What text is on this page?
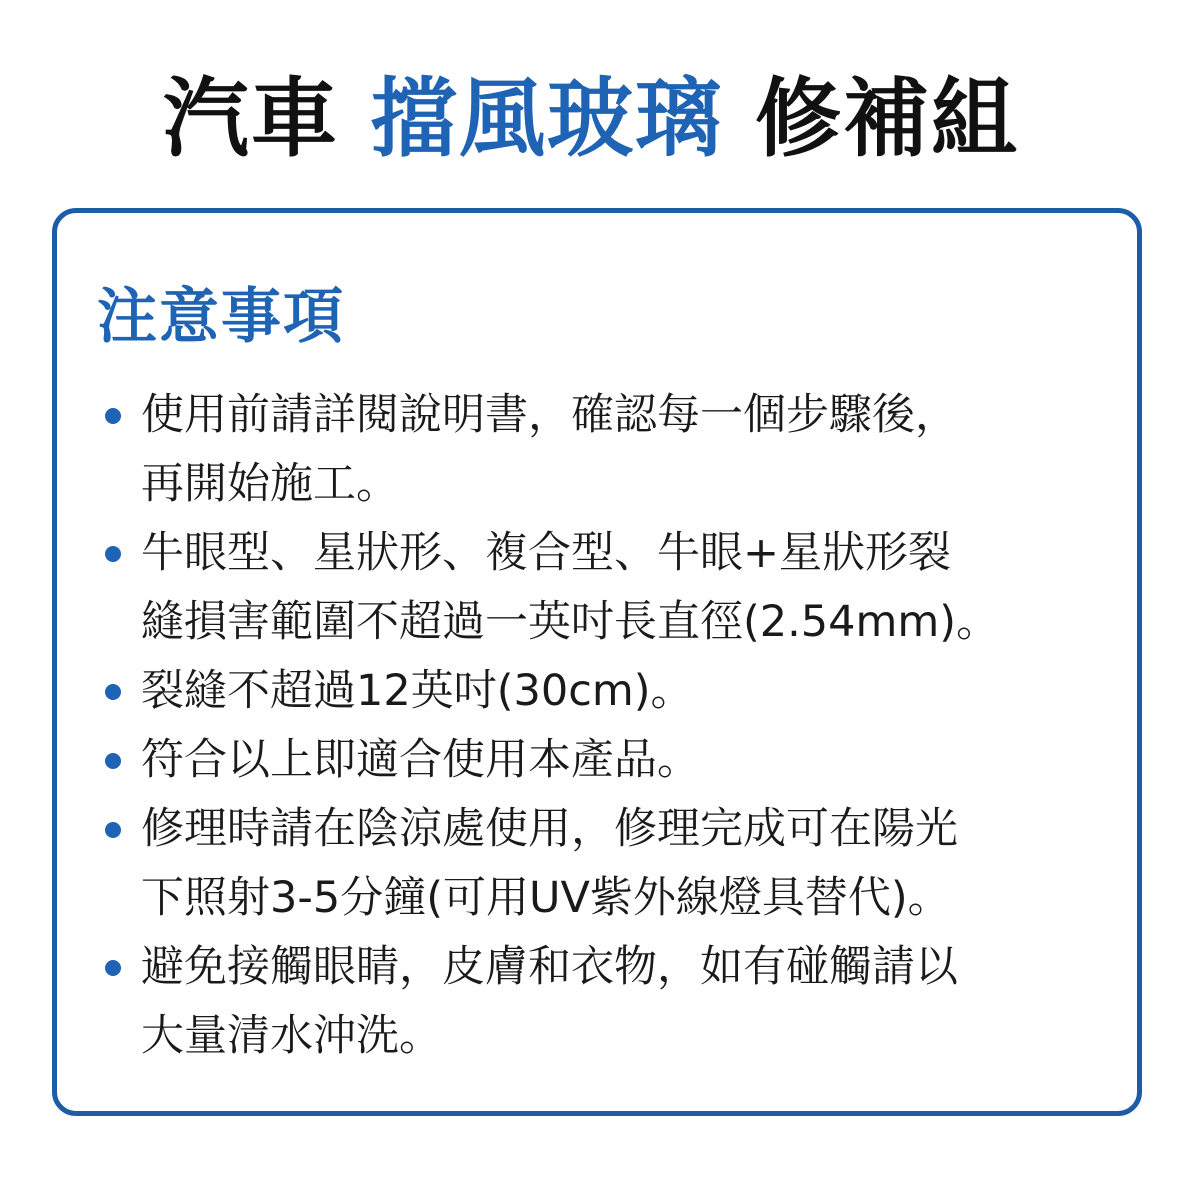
汽車 擋風玻璃 修補組
注意事項
使用前請詳閱說明書，確認每一個步驟後，
再開始施工。
牛眼型、星狀形、複合型、牛眼+星狀形裂
縫損害範圍不超過一英吋長直徑(2.54mm)。
裂縫不超過12英吋(30cm)。
符合以上即適合使用本產品。
修理時請在陰涼處使用，修理完成可在陽光
下照射3-5分鐘(可用UV紫外線燈具替代)。
避免接觸眼睛，皮膚和衣物，如有碰觸請以
大量清水沖洗。
